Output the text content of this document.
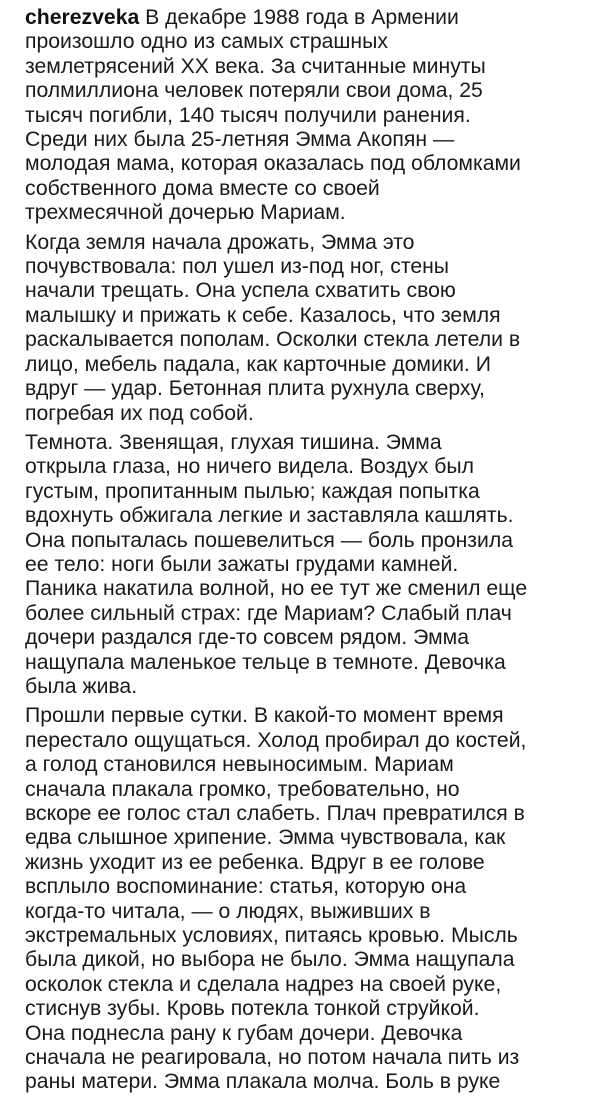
cherezveka В декабре 1988 года в Армении
произошло одно из самых страшных
землетрясений XX века. За считанные минуты
полмиллиона человек потеряли свои дома, 25
тысяч погибли, 140 тысяч получили ранения.
Среди них была 25-летняя Эмма Акопян —
молодая мама, которая оказалась под обломками
собственного дома вместе со своей
трехмесячной дочерью Мариам.
Когда земля начала дрожать, Эмма это
почувствовала: пол ушел из-под ног, стены
начали трещать. Она успела схватить свою
малышку и прижать к себе. Казалось, что земля
раскалывается пополам. Осколки стекла летели в
лицо, мебель падала, как карточные домики. И
вдруг — удар. Бетонная плита рухнула сверху,
погребая их под собой.
Темнота. Звенящая, глухая тишина. Эмма
открыла глаза, но ничего видела. Воздух был
густым, пропитанным пылью; каждая попытка
вдохнуть обжигала легкие и заставляла кашлять.
Она попыталась пошевелиться — боль пронзила
ее тело: ноги были зажаты грудами камней.
Паника накатила волной, но ее тут же сменил еще
более сильный страх: где Мариам? Слабый плач
дочери раздался где-то совсем рядом. Эмма
нащупала маленькое тельце в темноте. Девочка
была жива.
Прошли первые сутки. В какой-то момент время
перестало ощущаться. Холод пробирал до костей,
а голод становился невыносимым. Мариам
сначала плакала громко, требовательно, но
вскоре ее голос стал слабеть. Плач превратился в
едва слышное хрипение. Эмма чувствовала, как
жизнь уходит из ее ребенка. Вдруг в ее голове
всплыло воспоминание: статья, которую она
когда-то читала, — о людях, выживших в
экстремальных условиях, питаясь кровью. Мысль
была дикой, но выбора не было. Эмма нащупала
осколок стекла и сделала надрез на своей руке,
стиснув зубы. Кровь потекла тонкой струйкой.
Она поднесла рану к губам дочери. Девочка
сначала не реагировала, но потом начала пить из
раны матери. Эмма плакала молча. Боль в руке
